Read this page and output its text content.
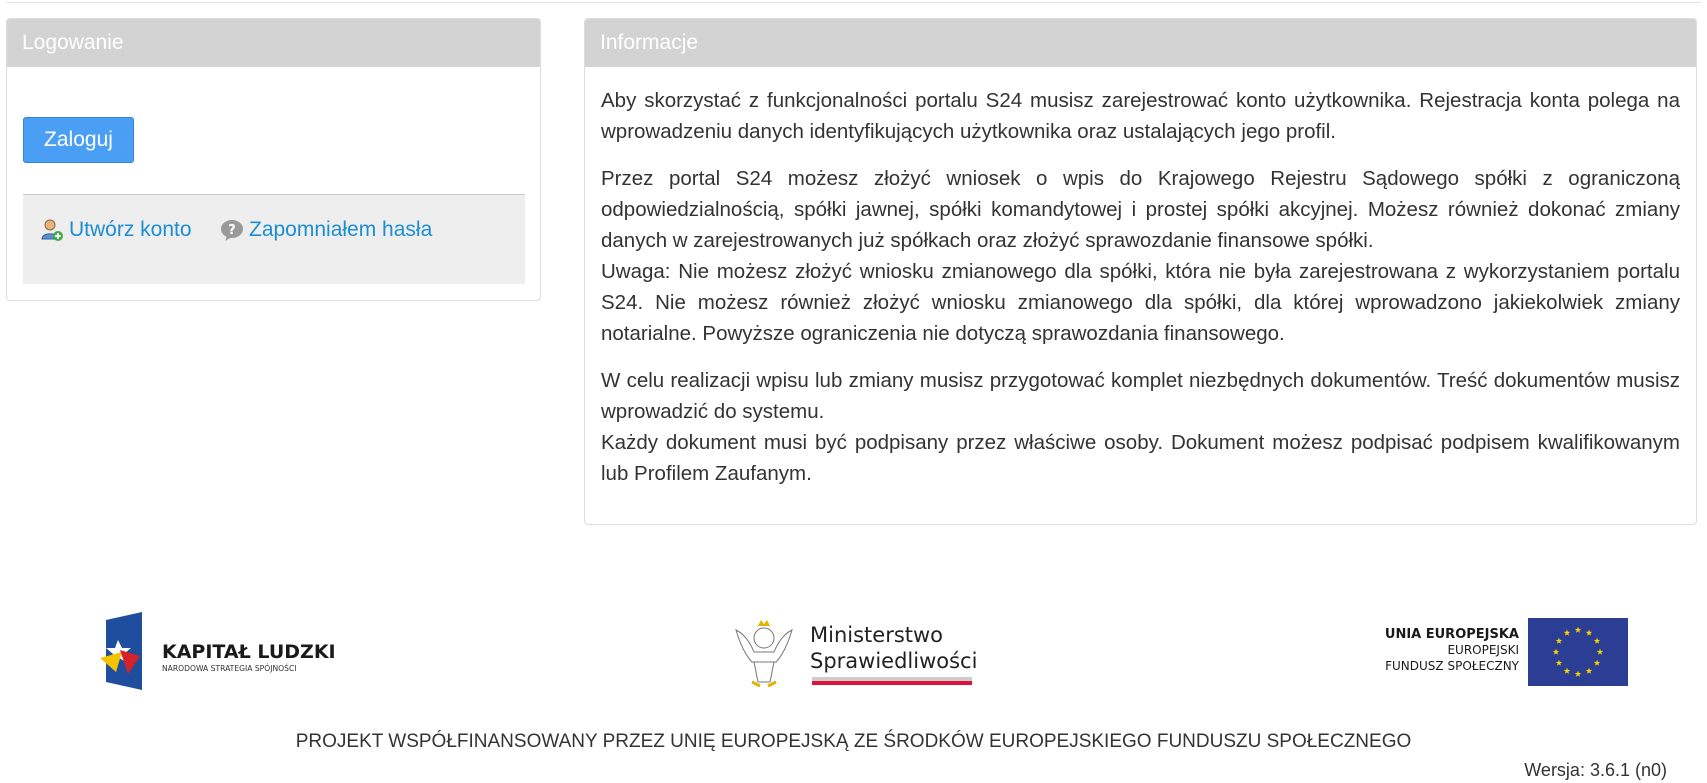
Logowanie
Zaloguj
Utwórz konto	? Zapomniałem hasła
Informacje

Aby skorzystać z funkcjonalności portalu S24 musisz zarejestrować konto użytkownika. Rejestracja konta polega na wprowadzeniu danych identyfikujących użytkownika oraz ustalających jego profil.

Przez portal S24 możesz złożyć wniosek o wpis do Krajowego Rejestru Sądowego spółki z ograniczoną odpowiedzialnością, spółki jawnej, spółki komandytowej i prostej spółki akcyjnej. Możesz również dokonać zmiany danych w zarejestrowanych już spółkach oraz złożyć sprawozdanie finansowe spółki.

Uwaga: Nie możesz złożyć wniosku zmianowego dla spółki, która nie była zarejestrowana z wykorzystaniem portalu S24. Nie możesz również złożyć wniosku zmianowego dla spółki, dla której wprowadzono jakiekolwiek zmiany notarialne. Powyższe ograniczenia nie dotyczą sprawozdania finansowego.

W celu realizacji wpisu lub zmiany musisz przygotować komplet niezbędnych dokumentów. Treść dokumentów musisz wprowadzić do systemu.

Każdy dokument musi być podpisany przez właściwe osoby. Dokument możesz podpisać podpisem kwalifikowanym lub Profilem Zaufanym.

KAPITAŁ LUDZKI
NARODOWA STRATEGIA SPÓJNOŚCI
Ministerstwo
Sprawiedliwości
UNIA EUROPEJSKA
EUROPEJSKI
FUNDUSZ SPOŁECZNY
PROJEKT WSPÓŁFINANSOWANY PRZEZ UNIĘ EUROPEJSKĄ ZE ŚRODKÓW EUROPEJSKIEGO FUNDUSZU SPOŁECZNEGO
Wersja: 3.6.1 (n0)
